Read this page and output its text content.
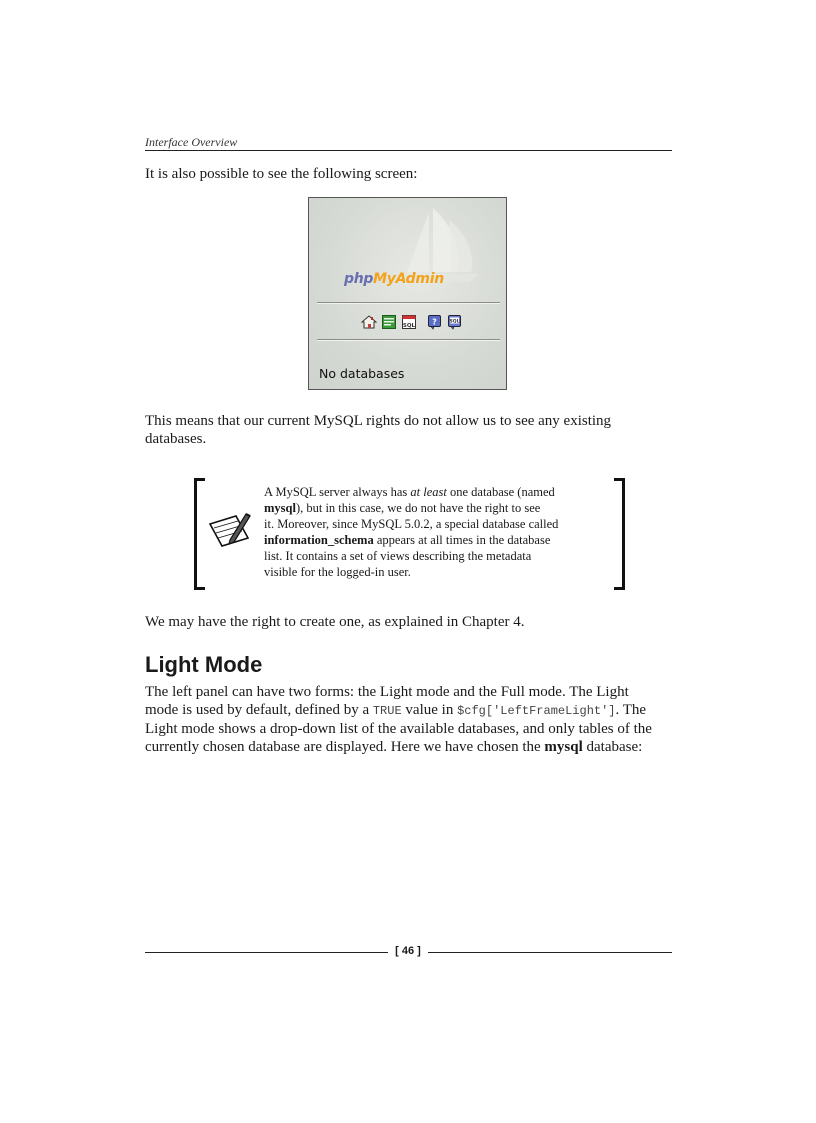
Interface Overview
It is also possible to see the following screen:
phpMyAdmin
SQL ?	SQL
No databases
This means that our current MySQL rights do not allow us to see any existing
databases.
A MySQL server always has at least one database (named
mysql), but in this case, we do not have the right to see
it. Moreover, since MySQL 5.0.2, a special database called
information_schema appears at all times in the database
list. It contains a set of views describing the metadata
visible for the logged-in user.
We may have the right to create one, as explained in Chapter 4.
Light Mode
The left panel can have two forms: the Light mode and the Full mode. The Light
mode is used by default, defined by a TRUE value in $cfg['LeftFrameLight']. The
Light mode shows a drop-down list of the available databases, and only tables of the
currently chosen database are displayed. Here we have chosen the mysql database:
[ 46 ]
